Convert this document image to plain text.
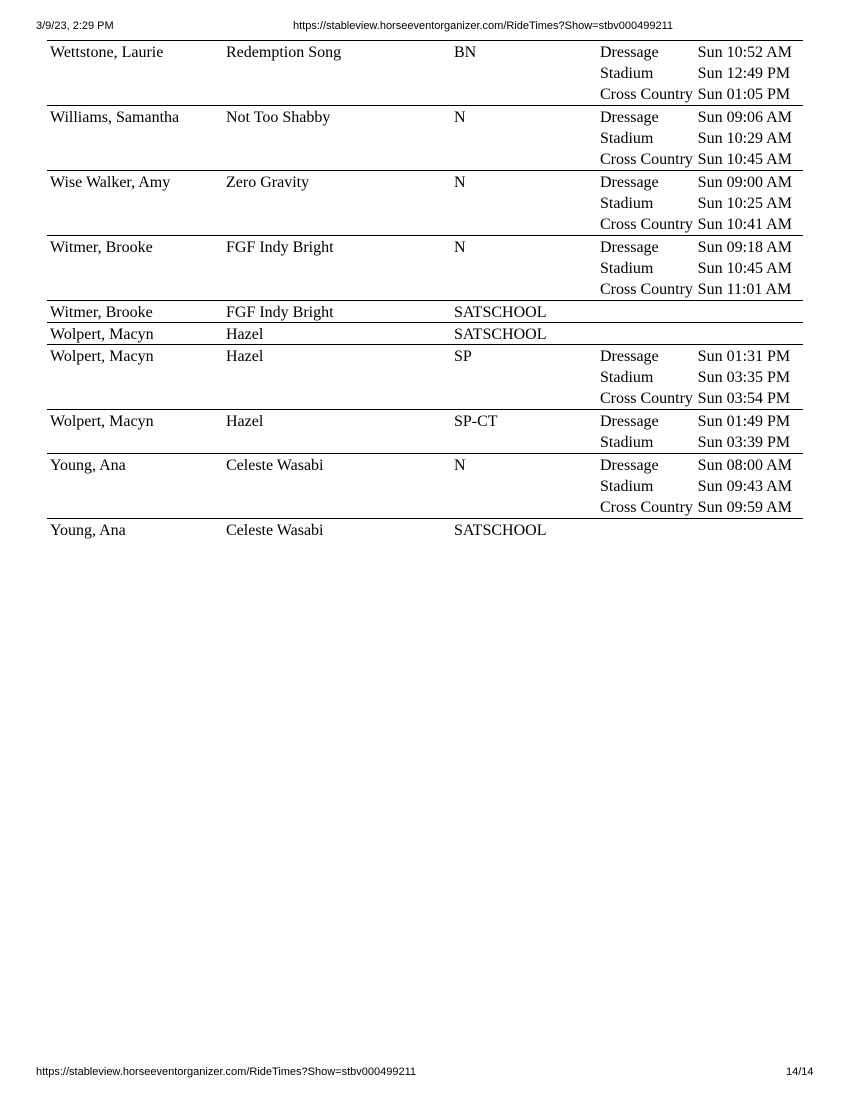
3/9/23, 2:29 PM	https://stableview.horseeventorganizer.com/RideTimes?Show=stbv000499211
Wettstone, Laurie	Redemption Song	BN	Dressage	Sun 10:52 AM
Stadium	Sun 12:49 PM
Cross Country Sun 01:05 PM
Williams, Samantha	Not Too Shabby	N	Dressage	Sun 09:06 AM
Stadium	Sun 10:29 AM
Cross Country Sun 10:45 AM
Wise Walker, Amy	Zero Gravity	N	Dressage	Sun 09:00 AM
Stadium	Sun 10:25 AM
Cross Country Sun 10:41 AM
Witmer, Brooke	FGF Indy Bright	N	Dressage	Sun 09:18 AM
Stadium	Sun 10:45 AM
Cross Country Sun 11:01 AM
Witmer, Brooke	FGF Indy Bright	SATSCHOOL
Wolpert, Macyn	Hazel	SATSCHOOL
Wolpert, Macyn	Hazel	SP	Dressage	Sun 01:31 PM
Stadium	Sun 03:35 PM
Cross Country Sun 03:54 PM
Wolpert, Macyn	Hazel	SP-CT	Dressage	Sun 01:49 PM
Stadium	Sun 03:39 PM
Young, Ana	Celeste Wasabi	N	Dressage	Sun 08:00 AM
Stadium	Sun 09:43 AM
Cross Country Sun 09:59 AM
Young, Ana	Celeste Wasabi	SATSCHOOL
https://stableview.horseeventorganizer.com/RideTimes?Show=stbv000499211	14/14
